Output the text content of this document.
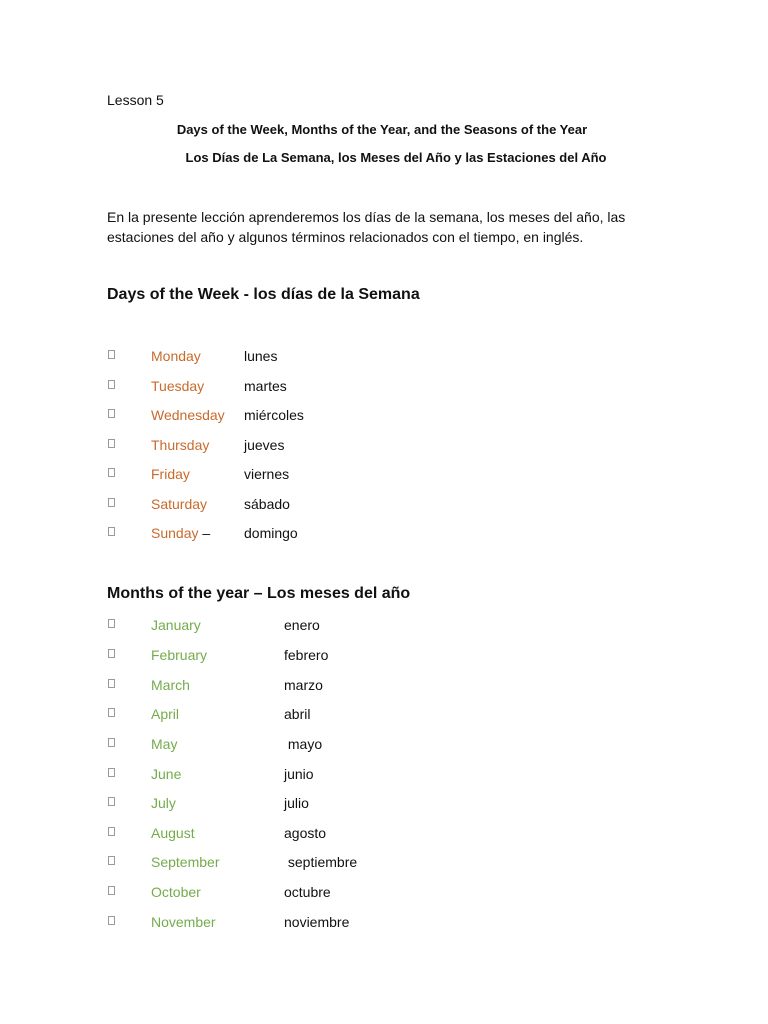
Lesson 5
Days of the Week, Months of the Year, and the Seasons of the Year
Los Días de La Semana, los Meses del Año y las Estaciones del Año
En la presente lección aprenderemos los días de la semana, los meses del año, las estaciones del año y algunos términos relacionados con el tiempo, en inglés.
Days of the Week - los días de la Semana
Monday	lunes
Tuesday	martes
Wednesday miércoles
Thursday jueves
Friday	viernes
Saturday	sábado
Sunday – domingo
Months of the year – Los meses del año
January	enero
February	febrero
March	marzo
April	abril
May	mayo
June	junio
July	julio
August	agosto
September	septiembre
October	octubre
November	noviembre
